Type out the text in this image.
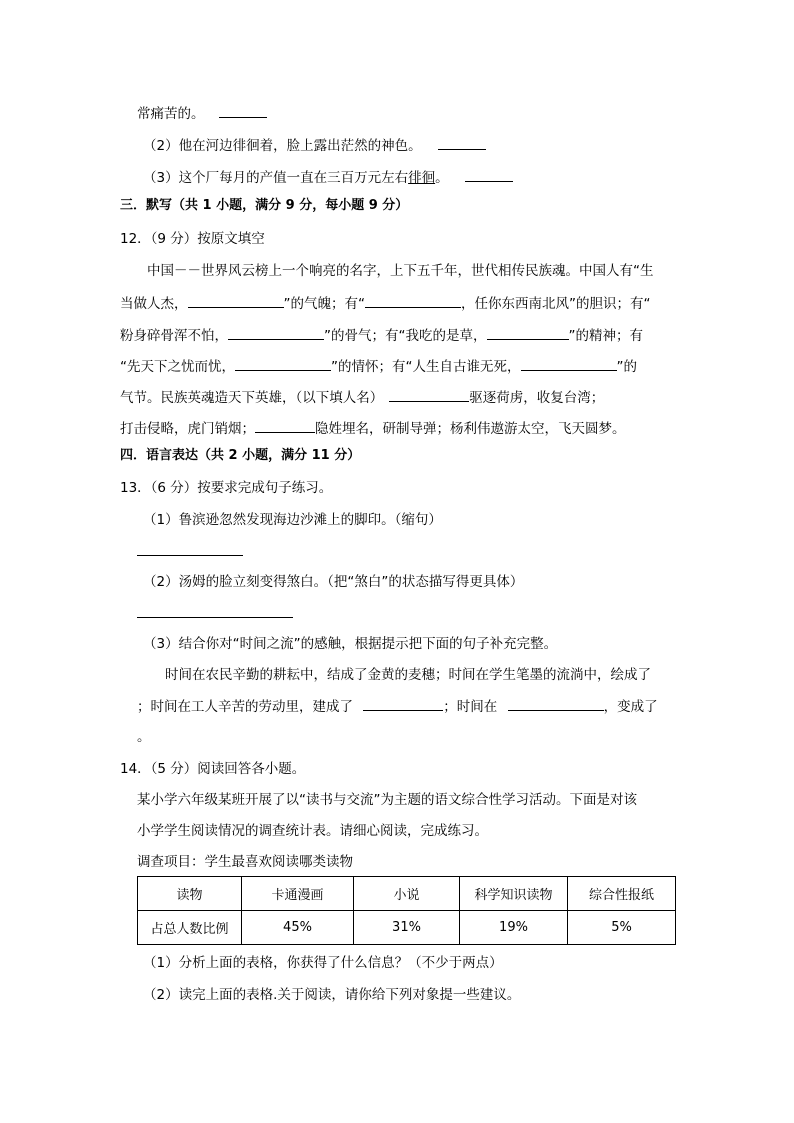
常痛苦的。
（2）他在河边徘徊着，脸上露出茫然的神色。
（3）这个厂每月的产值一直在三百万元左右徘徊。
三．默写（共 1 小题，满分 9 分，每小题 9 分）
12．（9 分）按原文填空
中国－－世界风云榜上一个响亮的名字，上下五千年，世代相传民族魂。中国人有“生
当做人杰，	”的气魄；有“	，任你东西南北风”的胆识；有“
粉身碎骨浑不怕，	”的骨气；有“我吃的是草，	”的精神；有
“先天下之忧而忧，	”的情怀；有“人生自古谁无死，	”的
气节。民族英魂造天下英雄，（以下填人名）	驱逐荷虏，收复台湾；
打击侵略，虎门销烟；	隐姓埋名，研制导弹；杨利伟遨游太空，飞天圆梦。
四．语言表达（共 2 小题，满分 11 分）
13．（6 分）按要求完成句子练习。
（1）鲁滨逊忽然发现海边沙滩上的脚印。（缩句）
（2）汤姆的脸立刻变得煞白。（把“煞白”的状态描写得更具体）
（3）结合你对“时间之流”的感触，根据提示把下面的句子补充完整。
时间在农民辛勤的耕耘中，结成了金黄的麦穗；时间在学生笔墨的流淌中，绘成了
；时间在工人辛苦的劳动里，建成了	；时间在	，变成了
。
14．（5 分）阅读回答各小题。
某小学六年级某班开展了以“读书与交流”为主题的语文综合性学习活动。下面是对该
小学学生阅读情况的调查统计表。请细心阅读，完成练习。
调查项目：学生最喜欢阅读哪类读物
读物	卡通漫画	小说	科学知识读物	综合性报纸
占总人数比例	45%	31%	19%	5%
（1）分析上面的表格，你获得了什么信息？（不少于两点）
（2）读完上面的表格.关于阅读，请你给下列对象提一些建议。
